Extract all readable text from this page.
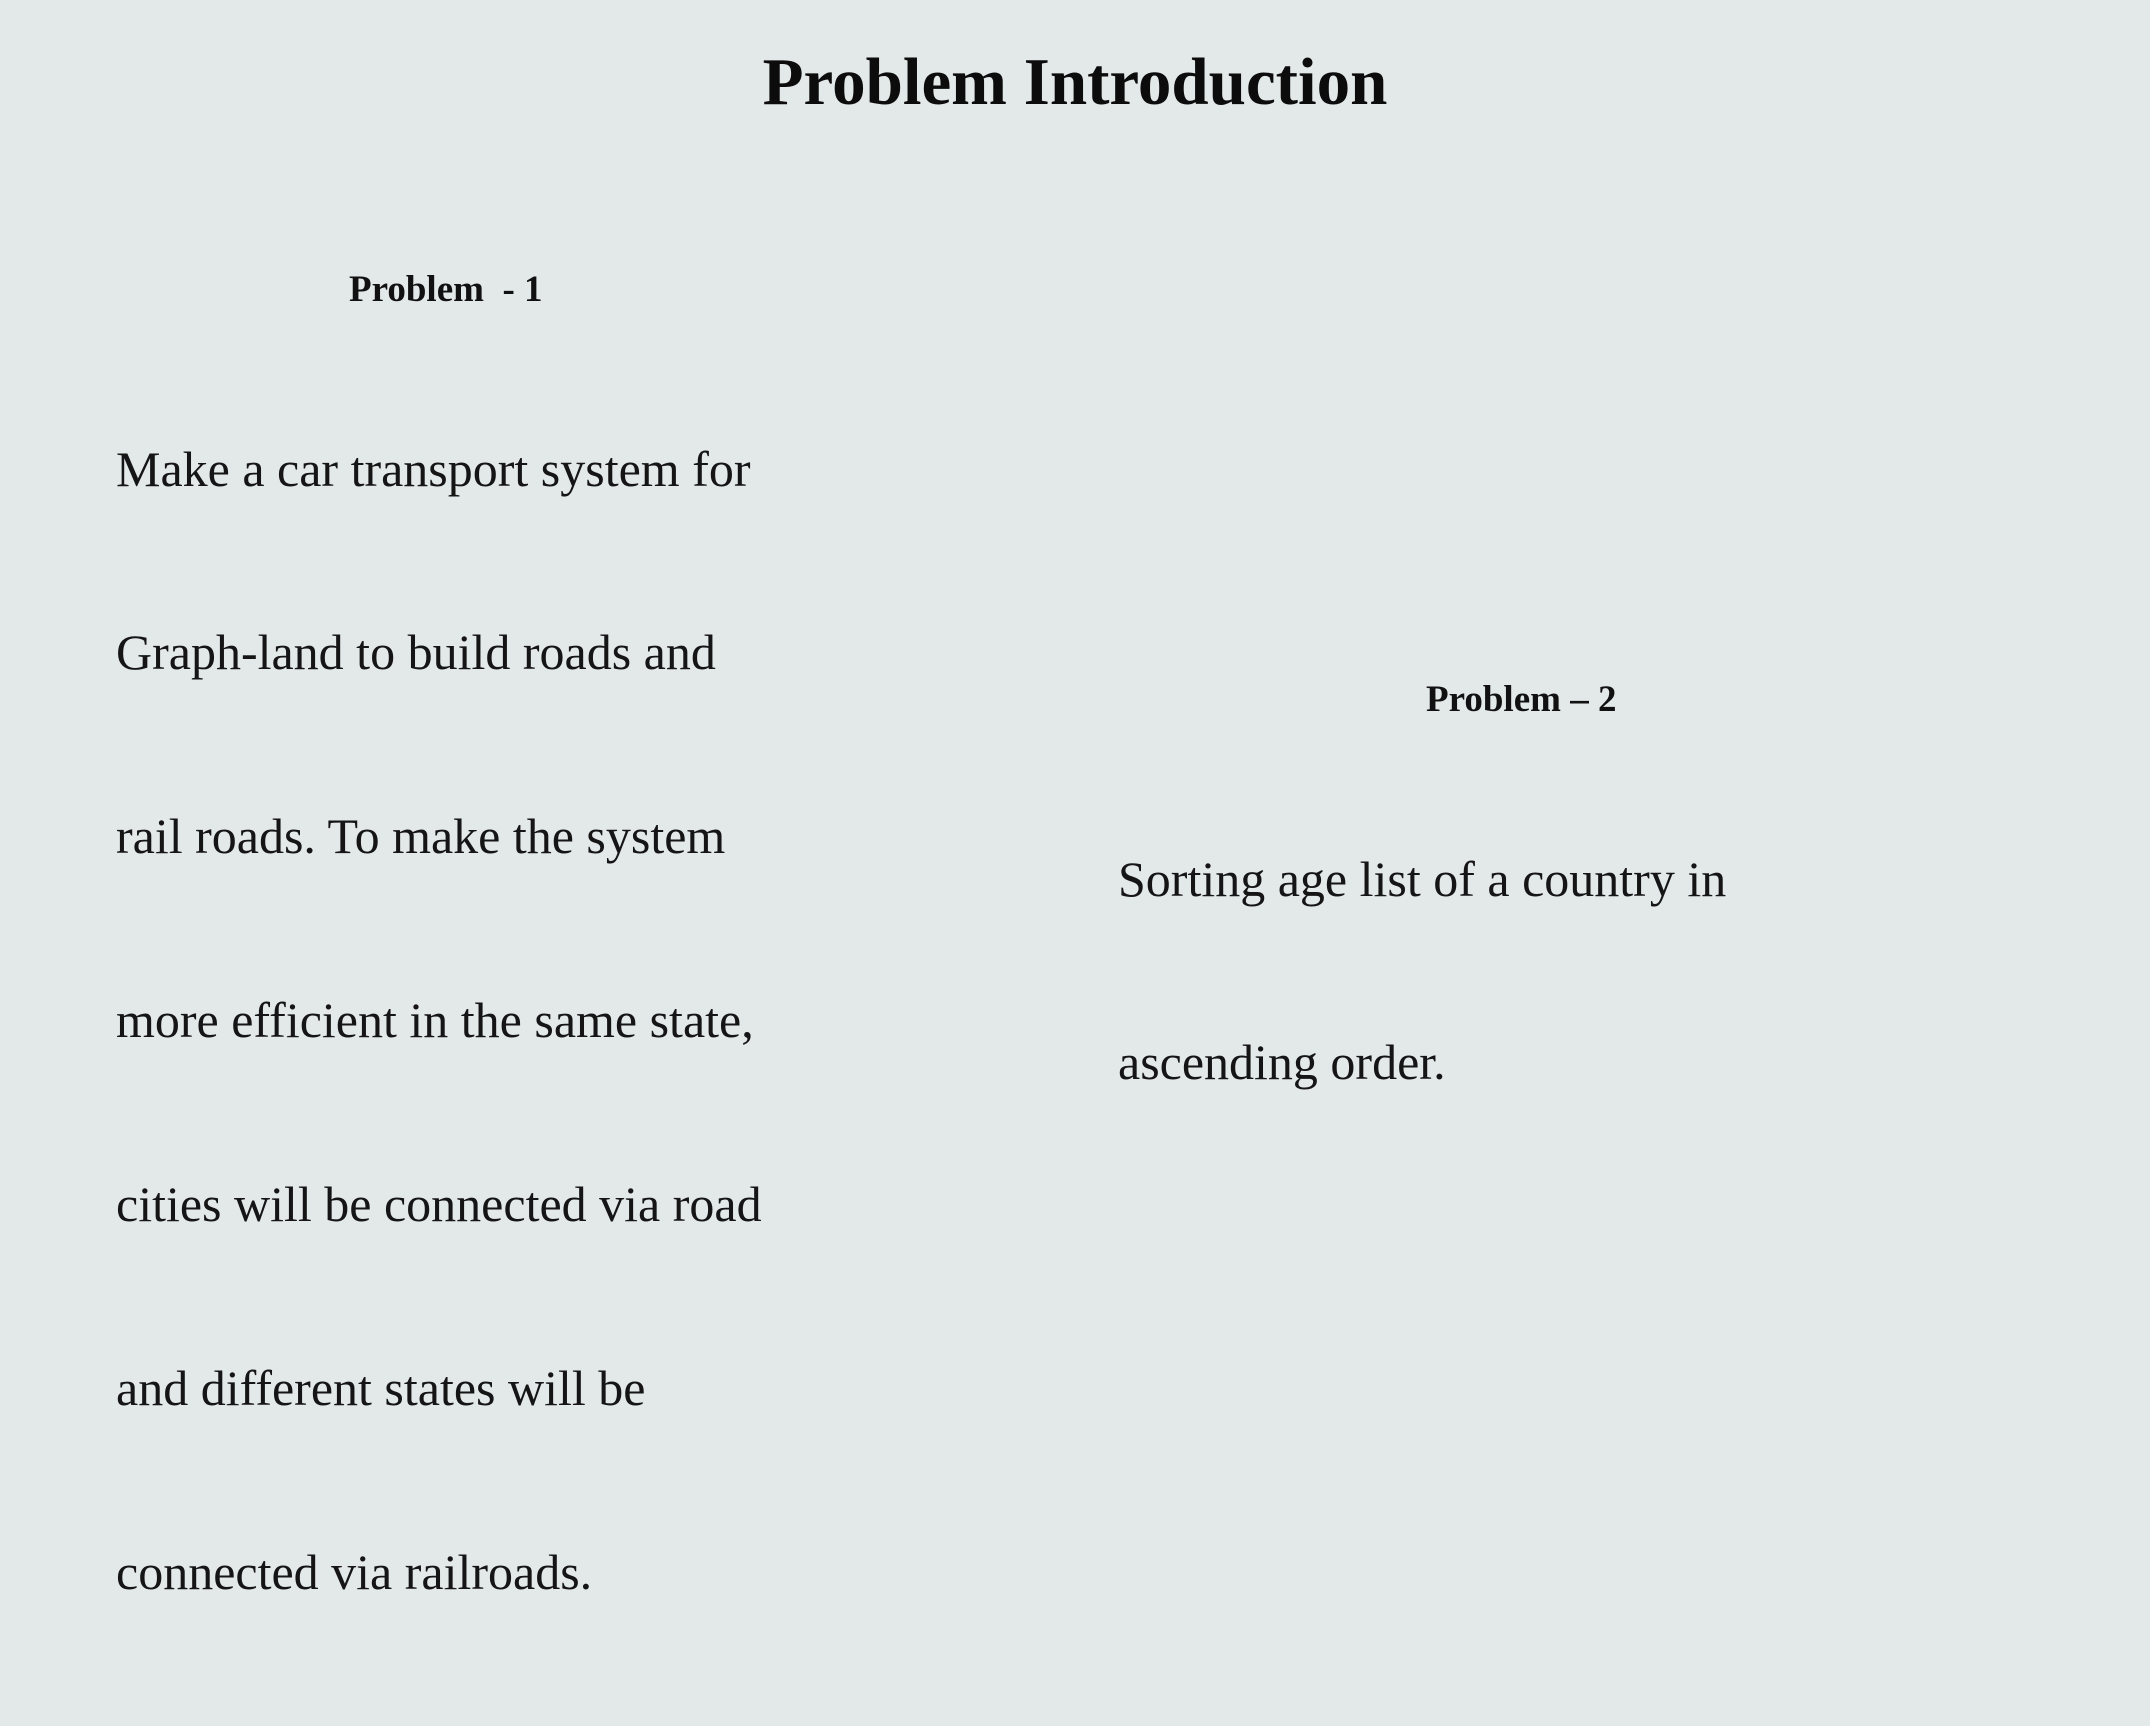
Problem Introduction
Problem  - 1

Make a car transport system for

Graph-land to build roads and

rail roads. To make the system

more efficient in the same state,

cities will be connected via road

and different states will be

connected via railroads.

Problem – 2

Sorting age list of a country in

ascending order.
